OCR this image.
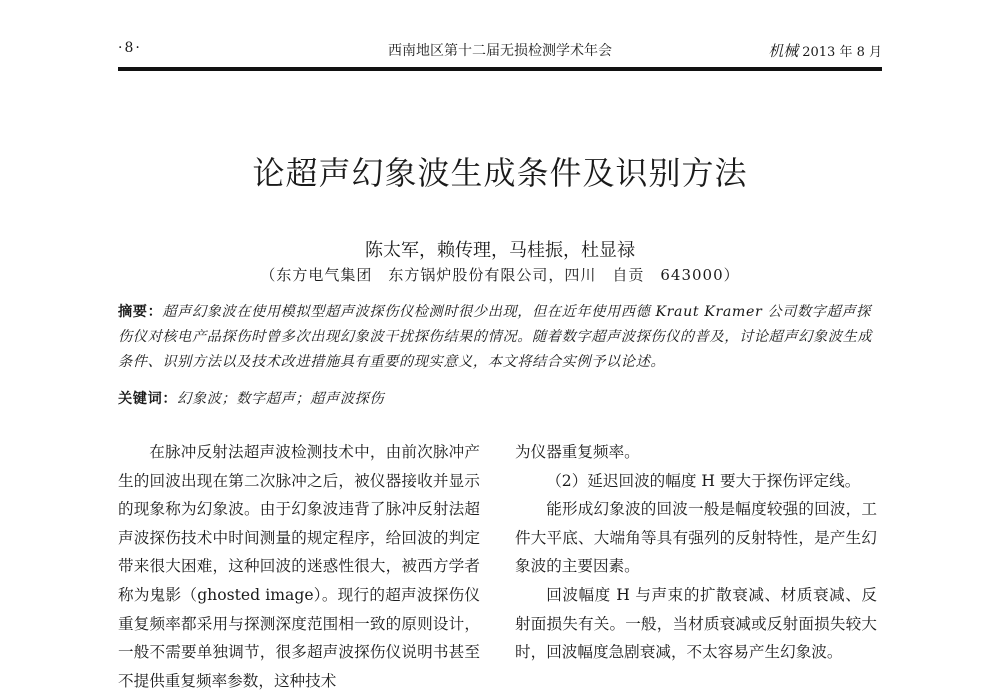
·8·	西南地区第十二届无损检测学术年会	机械 2013 年 8 月
论超声幻象波生成条件及识别方法
陈太军，赖传理，马桂振，杜显禄
（东方电气集团　东方锅炉股份有限公司，四川　自贡　643000）
摘要：超声幻象波在使用模拟型超声波探伤仪检测时很少出现，但在近年使用西德 Kraut Kramer 公司数字超声探伤仪对核电产品探伤时曾多次出现幻象波干扰探伤结果的情况。随着数字超声波探伤仪的普及，讨论超声幻象波生成条件、识别方法以及技术改进措施具有重要的现实意义，本文将结合实例予以论述。
关键词：幻象波；数字超声；超声波探伤

在脉冲反射法超声波检测技术中，由前次脉冲产生的回波出现在第二次脉冲之后，被仪器接收并显示的现象称为幻象波。由于幻象波违背了脉冲反射法超声波探伤技术中时间测量的规定程序，给回波的判定带来很大困难，这种回波的迷惑性很大，被西方学者称为鬼影（ghosted image）。现行的超声波探伤仪重复频率都采用与探测深度范围相一致的原则设计，一般不需要单独调节，很多超声波探伤仪说明书甚至不提供重复频率参数，这种技术

为仪器重复频率。

（2）延迟回波的幅度 H 要大于探伤评定线。

能形成幻象波的回波一般是幅度较强的回波，工件大平底、大端角等具有强列的反射特性，是产生幻象波的主要因素。

回波幅度 H 与声束的扩散衰减、材质衰减、反射面损失有关。一般，当材质衰减或反射面损失较大时，回波幅度急剧衰减，不太容易产生幻象波。
